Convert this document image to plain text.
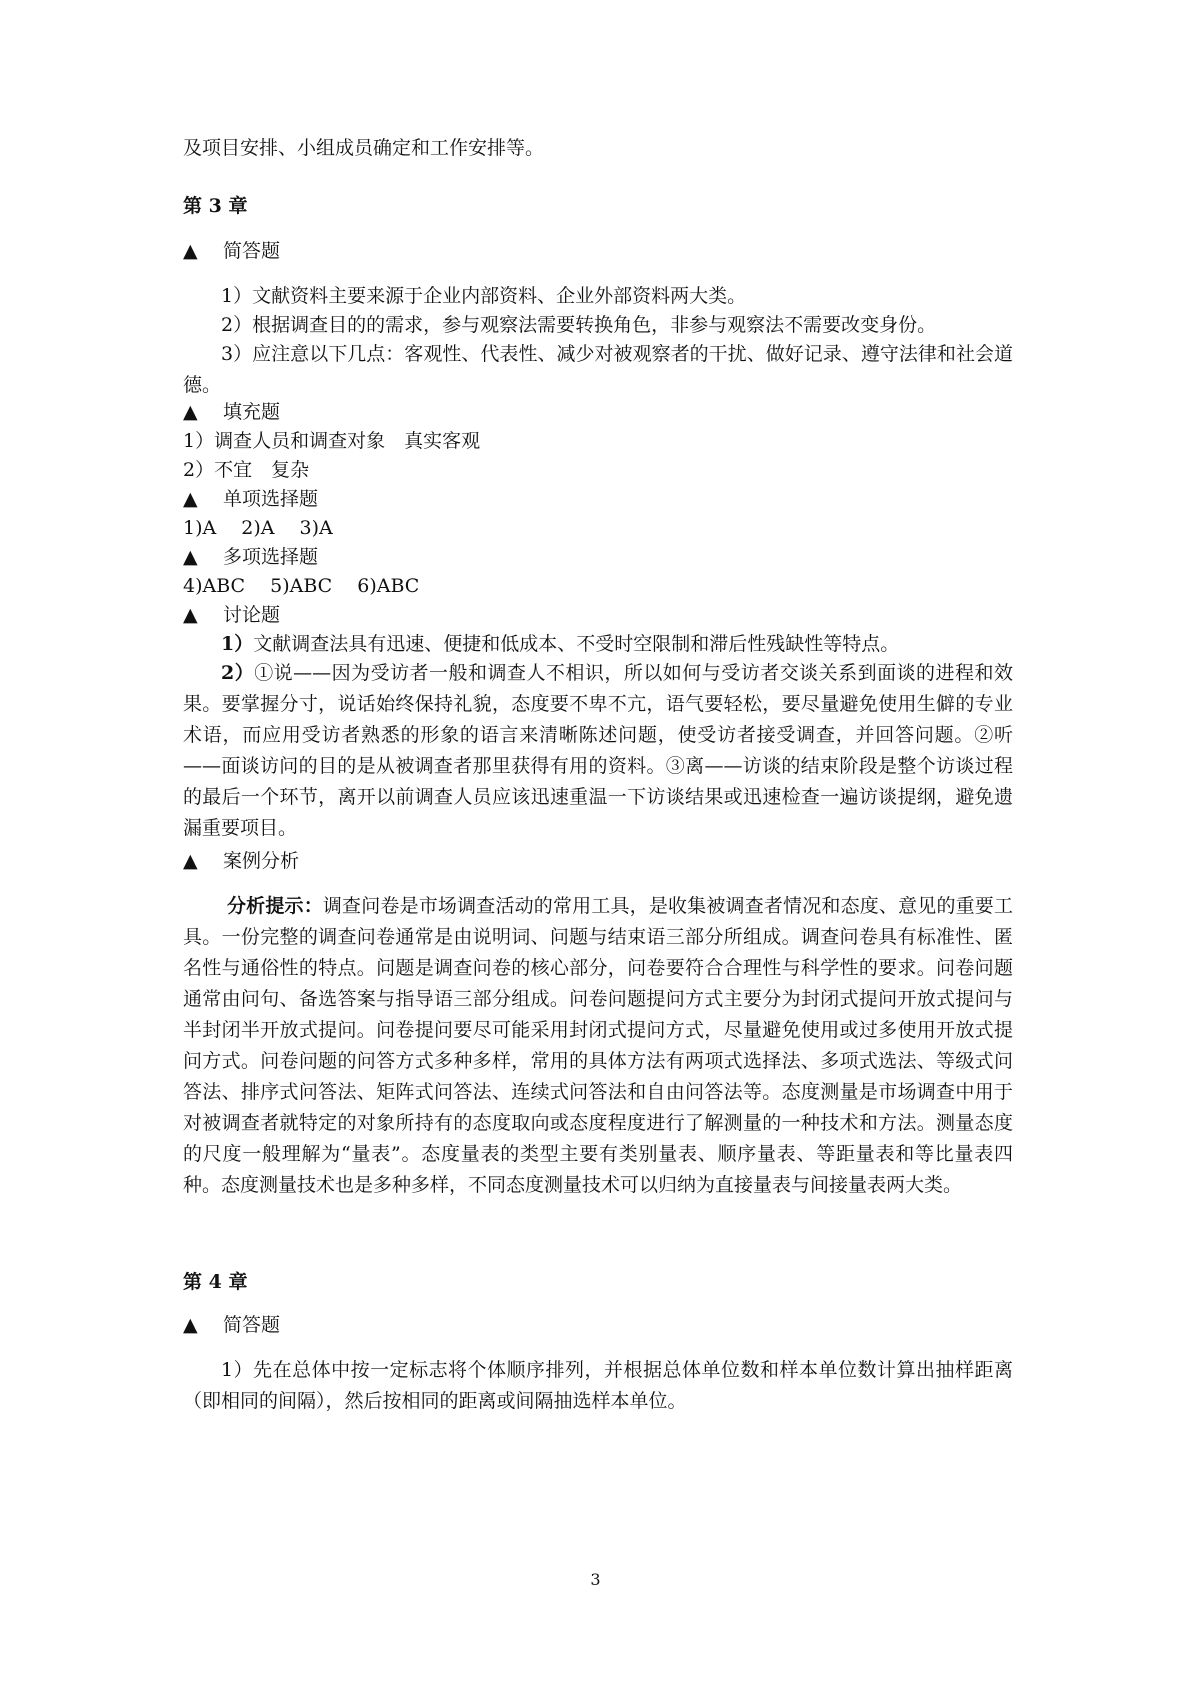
及项目安排、小组成员确定和工作安排等。

第 3 章

▲ 简答题

1）文献资料主要来源于企业内部资料、企业外部资料两大类。

2）根据调查目的的需求，参与观察法需要转换角色，非参与观察法不需要改变身份。

3）应注意以下几点：客观性、代表性、减少对被观察者的干扰、做好记录、遵守法律和社会道德。

▲ 填充题

1）调查人员和调查对象　真实客观

2）不宜　复杂

▲ 单项选择题

1)A　 2)A　 3)A

▲ 多项选择题

4)ABC　 5)ABC　 6)ABC

▲ 讨论题

1）文献调查法具有迅速、便捷和低成本、不受时空限制和滞后性残缺性等特点。

2）①说——因为受访者一般和调查人不相识，所以如何与受访者交谈关系到面谈的进程和效果。要掌握分寸，说话始终保持礼貌，态度要不卑不亢，语气要轻松，要尽量避免使用生僻的专业术语，而应用受访者熟悉的形象的语言来清晰陈述问题，使受访者接受调查，并回答问题。②听——面谈访问的目的是从被调查者那里获得有用的资料。③离——访谈的结束阶段是整个访谈过程的最后一个环节，离开以前调查人员应该迅速重温一下访谈结果或迅速检查一遍访谈提纲，避免遗漏重要项目。

▲ 案例分析

分析提示：调查问卷是市场调查活动的常用工具，是收集被调查者情况和态度、意见的重要工具。一份完整的调查问卷通常是由说明词、问题与结束语三部分所组成。调查问卷具有标准性、匿名性与通俗性的特点。问题是调查问卷的核心部分，问卷要符合合理性与科学性的要求。问卷问题通常由问句、备选答案与指导语三部分组成。问卷问题提问方式主要分为封闭式提问开放式提问与半封闭半开放式提问。问卷提问要尽可能采用封闭式提问方式，尽量避免使用或过多使用开放式提问方式。问卷问题的问答方式多种多样，常用的具体方法有两项式选择法、多项式选法、等级式问答法、排序式问答法、矩阵式问答法、连续式问答法和自由问答法等。态度测量是市场调查中用于对被调查者就特定的对象所持有的态度取向或态度程度进行了解测量的一种技术和方法。测量态度的尺度一般理解为“量表”。态度量表的类型主要有类别量表、顺序量表、等距量表和等比量表四种。态度测量技术也是多种多样，不同态度测量技术可以归纳为直接量表与间接量表两大类。

第 4 章

▲ 简答题

1）先在总体中按一定标志将个体顺序排列，并根据总体单位数和样本单位数计算出抽样距离（即相同的间隔），然后按相同的距离或间隔抽选样本单位。

3
